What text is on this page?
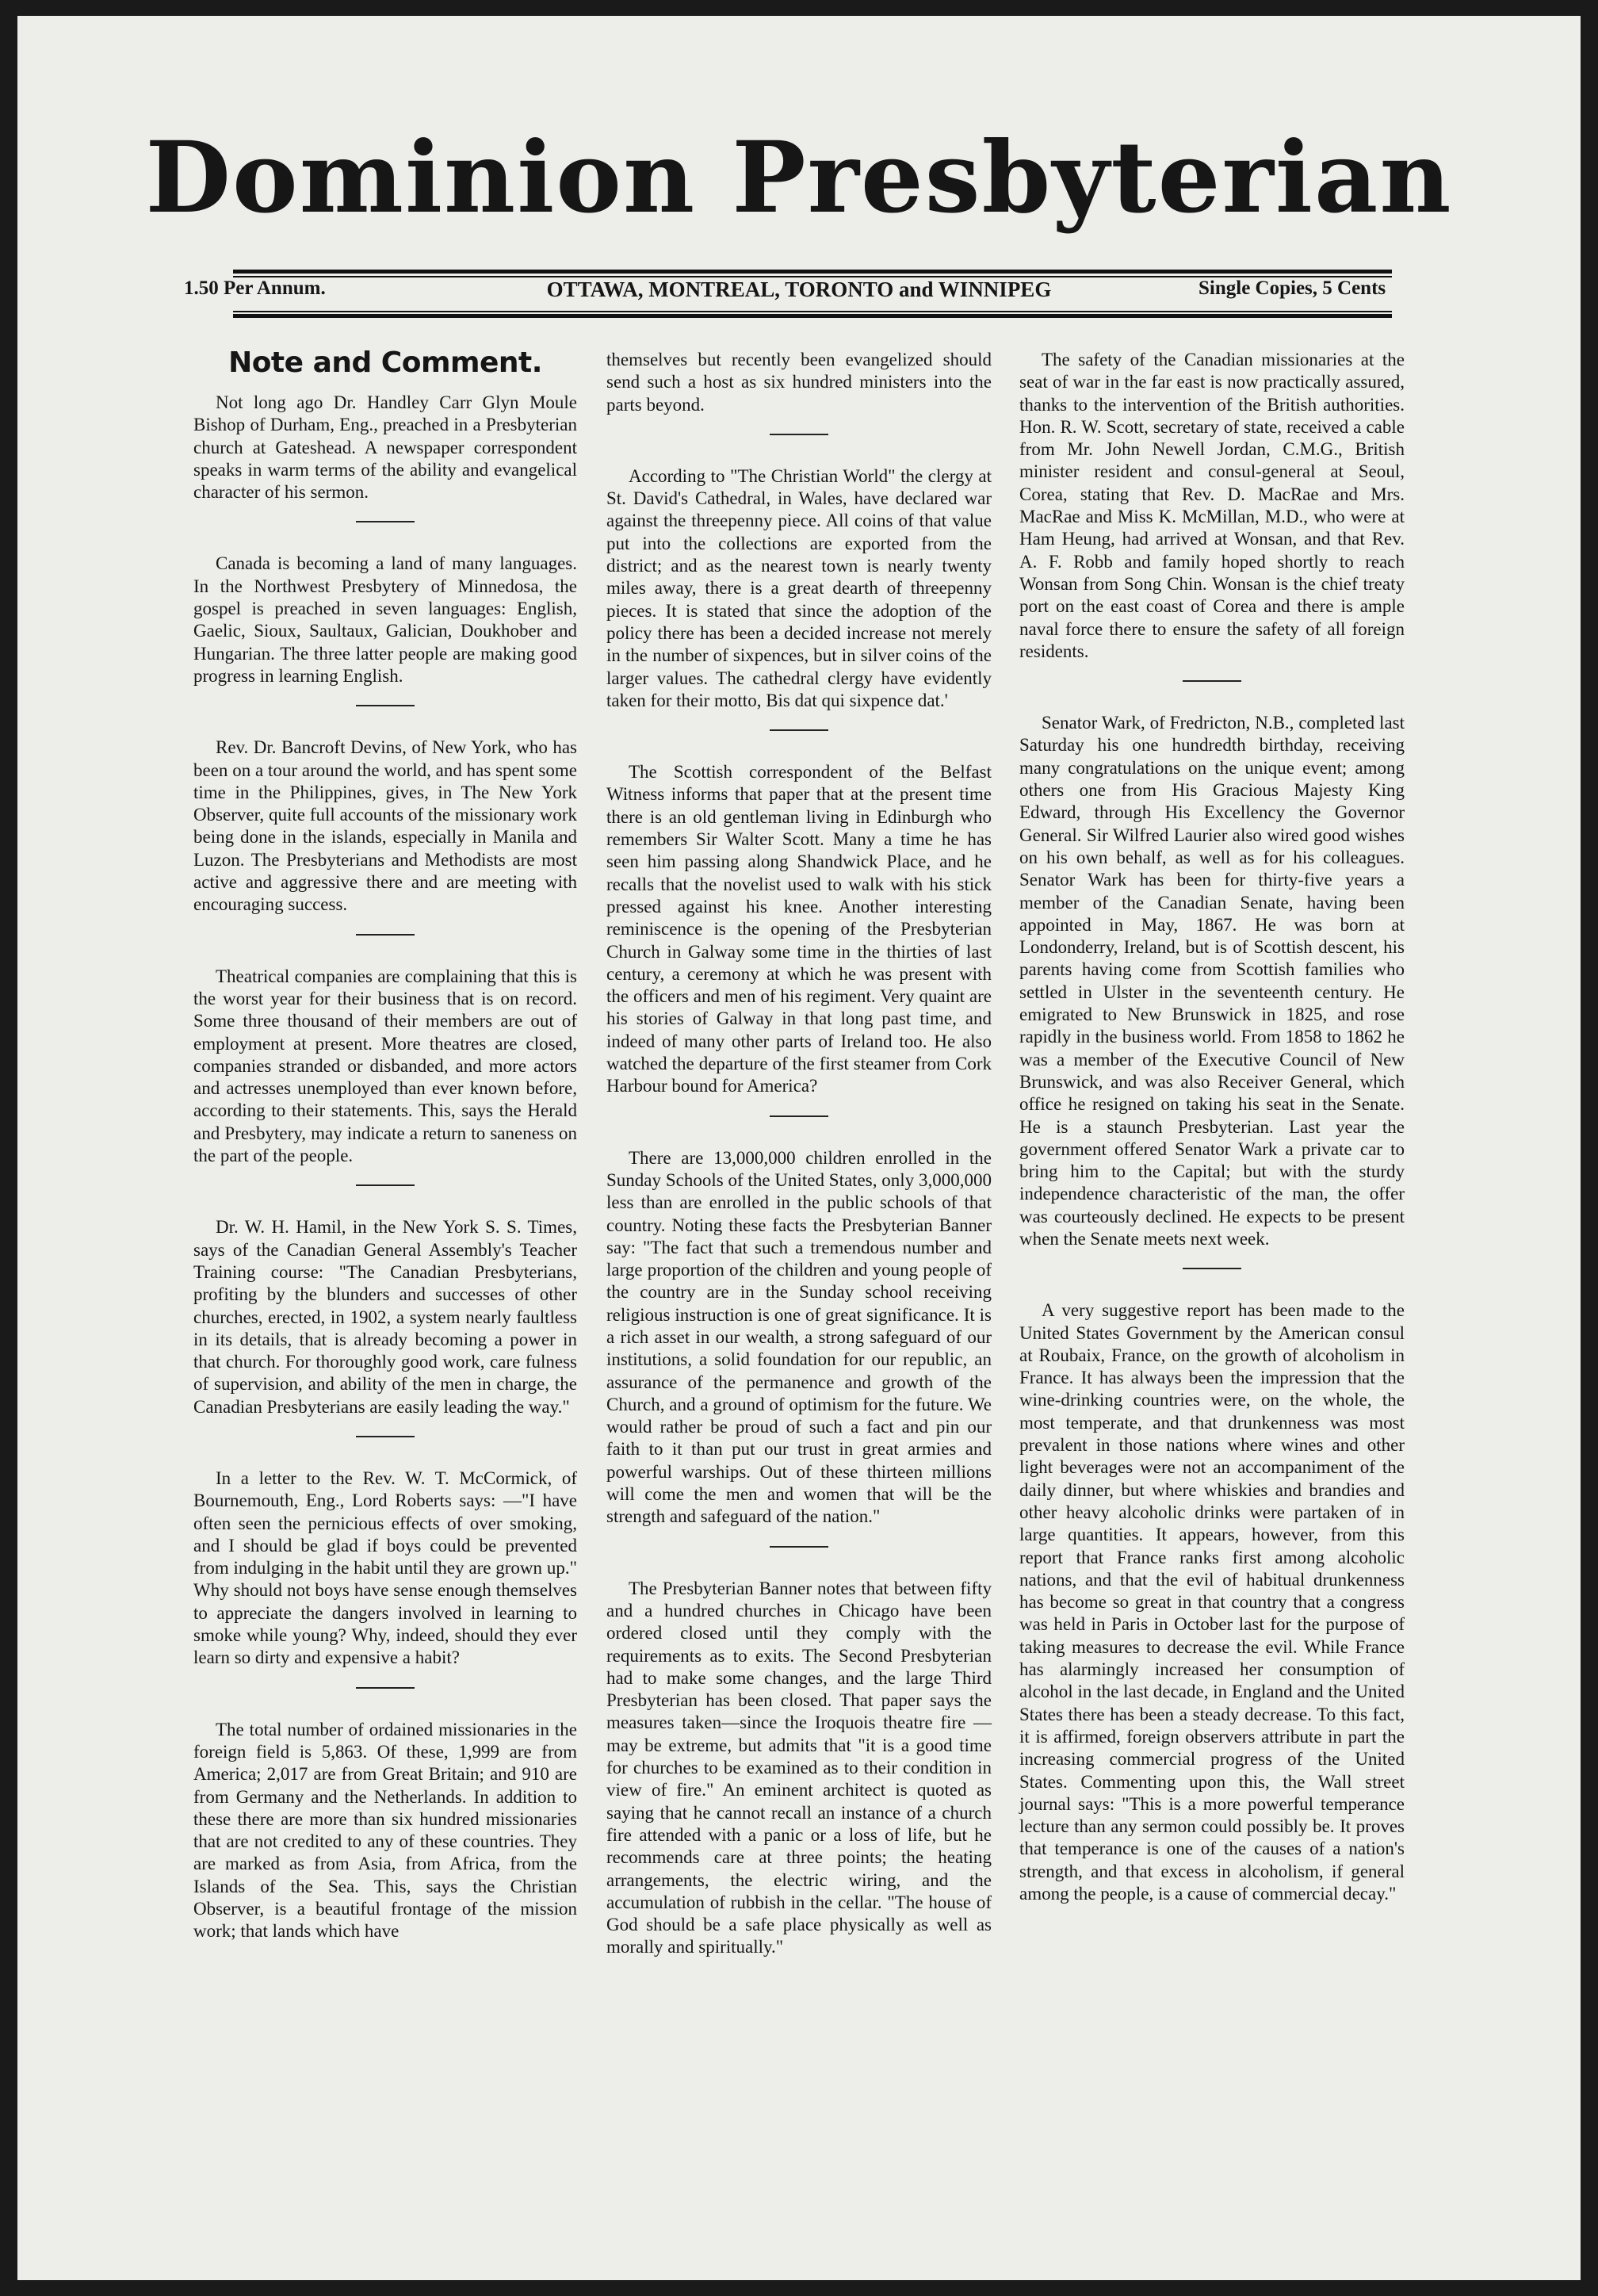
Dominion Presbyterian
1.50 Per Annum.	OTTAWA, MONTREAL, TORONTO and WINNIPEG	Single Copies, 5 Cents
Note and Comment.

Not long ago Dr. Handley Carr Glyn Moule Bishop of Durham, Eng., preached in a Presbyterian church at Gateshead. A newspaper correspondent speaks in warm terms of the ability and evangelical character of his sermon.

Canada is becoming a land of many languages. In the Northwest Presbytery of Minnedosa, the gospel is preached in seven languages: English, Gaelic, Sioux, Saultaux, Galician, Doukhober and Hungarian. The three latter people are making good progress in learning English.

Rev. Dr. Bancroft Devins, of New York, who has been on a tour around the world, and has spent some time in the Philippines, gives, in The New York Observer, quite full accounts of the missionary work being done in the islands, especially in Manila and Luzon. The Presbyterians and Methodists are most active and aggressive there and are meeting with encouraging success.

Theatrical companies are complaining that this is the worst year for their business that is on record. Some three thousand of their members are out of employment at present. More theatres are closed, companies stranded or disbanded, and more actors and actresses unemployed than ever known before, according to their statements. This, says the Herald and Presbytery, may indicate a return to saneness on the part of the people.

Dr. W. H. Hamil, in the New York S. S. Times, says of the Canadian General Assembly's Teacher Training course: "The Canadian Presbyterians, profiting by the blunders and successes of other churches, erected, in 1902, a system nearly faultless in its details, that is already becoming a power in that church. For thoroughly good work, care fulness of supervision, and ability of the men in charge, the Canadian Presbyterians are easily leading the way."

In a letter to the Rev. W. T. McCormick, of Bournemouth, Eng., Lord Roberts says: —"I have often seen the pernicious effects of over smoking, and I should be glad if boys could be prevented from indulging in the habit until they are grown up." Why should not boys have sense enough themselves to appreciate the dangers involved in learning to smoke while young? Why, indeed, should they ever learn so dirty and expensive a habit?

The total number of ordained missionaries in the foreign field is 5,863. Of these, 1,999 are from America; 2,017 are from Great Britain; and 910 are from Germany and the Netherlands. In addition to these there are more than six hundred missionaries that are not credited to any of these countries. They are marked as from Asia, from Africa, from the Islands of the Sea. This, says the Christian Observer, is a beautiful frontage of the mission work; that lands which have

themselves but recently been evangelized should send such a host as six hundred ministers into the parts beyond.

According to "The Christian World" the clergy at St. David's Cathedral, in Wales, have declared war against the threepenny piece. All coins of that value put into the collections are exported from the district; and as the nearest town is nearly twenty miles away, there is a great dearth of threepenny pieces. It is stated that since the adoption of the policy there has been a decided increase not merely in the number of sixpences, but in silver coins of the larger values. The cathedral clergy have evidently taken for their motto, Bis dat qui sixpence dat.'

The Scottish correspondent of the Belfast Witness informs that paper that at the present time there is an old gentleman living in Edinburgh who remembers Sir Walter Scott. Many a time he has seen him passing along Shandwick Place, and he recalls that the novelist used to walk with his stick pressed against his knee. Another interesting reminiscence is the opening of the Presbyterian Church in Galway some time in the thirties of last century, a ceremony at which he was present with the officers and men of his regiment. Very quaint are his stories of Galway in that long past time, and indeed of many other parts of Ireland too. He also watched the departure of the first steamer from Cork Harbour bound for America?

There are 13,000,000 children enrolled in the Sunday Schools of the United States, only 3,000,000 less than are enrolled in the public schools of that country. Noting these facts the Presbyterian Banner say: "The fact that such a tremendous number and large proportion of the children and young people of the country are in the Sunday school receiving religious instruction is one of great significance. It is a rich asset in our wealth, a strong safeguard of our institutions, a solid foundation for our republic, an assurance of the permanence and growth of the Church, and a ground of optimism for the future. We would rather be proud of such a fact and pin our faith to it than put our trust in great armies and powerful warships. Out of these thirteen millions will come the men and women that will be the strength and safeguard of the nation."

The Presbyterian Banner notes that between fifty and a hundred churches in Chicago have been ordered closed until they comply with the requirements as to exits. The Second Presbyterian had to make some changes, and the large Third Presbyterian has been closed. That paper says the measures taken—since the Iroquois theatre fire —may be extreme, but admits that "it is a good time for churches to be examined as to their condition in view of fire." An eminent architect is quoted as saying that he cannot recall an instance of a church fire attended with a panic or a loss of life, but he recommends care at three points; the heating arrangements, the electric wiring, and the accumulation of rubbish in the cellar. "The house of God should be a safe place physically as well as morally and spiritually."

The safety of the Canadian missionaries at the seat of war in the far east is now practically assured, thanks to the intervention of the British authorities. Hon. R. W. Scott, secretary of state, received a cable from Mr. John Newell Jordan, C.M.G., British minister resident and consul-general at Seoul, Corea, stating that Rev. D. MacRae and Mrs. MacRae and Miss K. McMillan, M.D., who were at Ham Heung, had arrived at Wonsan, and that Rev. A. F. Robb and family hoped shortly to reach Wonsan from Song Chin. Wonsan is the chief treaty port on the east coast of Corea and there is ample naval force there to ensure the safety of all foreign residents.

Senator Wark, of Fredricton, N.B., completed last Saturday his one hundredth birthday, receiving many congratulations on the unique event; among others one from His Gracious Majesty King Edward, through His Excellency the Governor General. Sir Wilfred Laurier also wired good wishes on his own behalf, as well as for his colleagues. Senator Wark has been for thirty-five years a member of the Canadian Senate, having been appointed in May, 1867. He was born at Londonderry, Ireland, but is of Scottish descent, his parents having come from Scottish families who settled in Ulster in the seventeenth century. He emigrated to New Brunswick in 1825, and rose rapidly in the business world. From 1858 to 1862 he was a member of the Executive Council of New Brunswick, and was also Receiver General, which office he resigned on taking his seat in the Senate. He is a staunch Presbyterian. Last year the government offered Senator Wark a private car to bring him to the Capital; but with the sturdy independence characteristic of the man, the offer was courteously declined. He expects to be present when the Senate meets next week.

A very suggestive report has been made to the United States Government by the American consul at Roubaix, France, on the growth of alcoholism in France. It has always been the impression that the wine-drinking countries were, on the whole, the most temperate, and that drunkenness was most prevalent in those nations where wines and other light beverages were not an accompaniment of the daily dinner, but where whiskies and brandies and other heavy alcoholic drinks were partaken of in large quantities. It appears, however, from this report that France ranks first among alcoholic nations, and that the evil of habitual drunkenness has become so great in that country that a congress was held in Paris in October last for the purpose of taking measures to decrease the evil. While France has alarmingly increased her consumption of alcohol in the last decade, in England and the United States there has been a steady decrease. To this fact, it is affirmed, foreign observers attribute in part the increasing commercial progress of the United States. Commenting upon this, the Wall street journal says: "This is a more powerful temperance lecture than any sermon could possibly be. It proves that temperance is one of the causes of a nation's strength, and that excess in alcoholism, if general among the people, is a cause of commercial decay."
